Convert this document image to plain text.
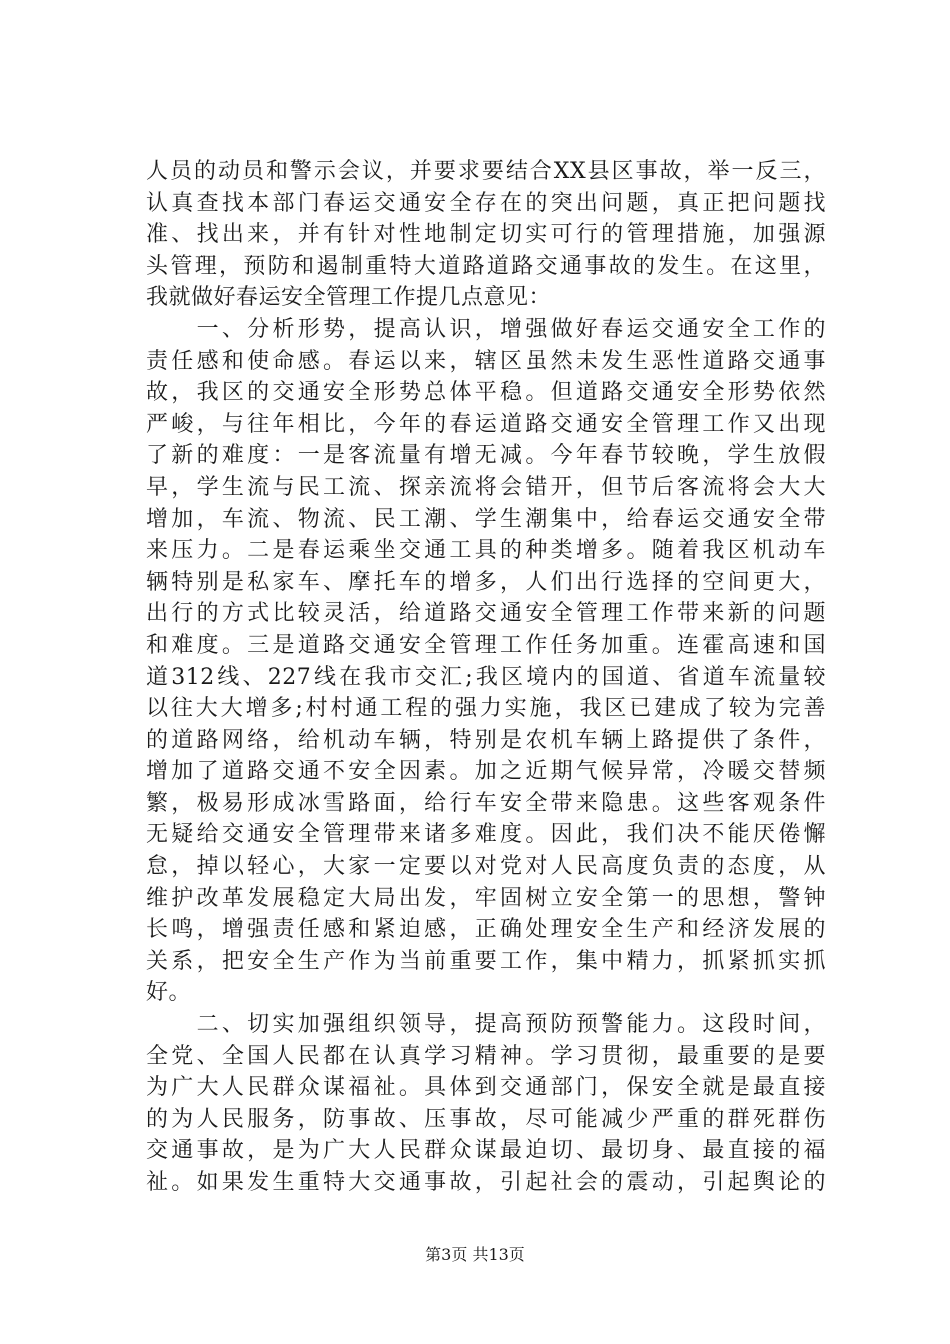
人员的动员和警示会议，并要求要结合XX县区事故，举一反三，
认真查找本部门春运交通安全存在的突出问题，真正把问题找
准、找出来，并有针对性地制定切实可行的管理措施，加强源
头管理，预防和遏制重特大道路道路交通事故的发生。在这里，
我就做好春运安全管理工作提几点意见：
　　一、分析形势，提高认识，增强做好春运交通安全工作的
责任感和使命感。春运以来，辖区虽然未发生恶性道路交通事
故，我区的交通安全形势总体平稳。但道路交通安全形势依然
严峻，与往年相比，今年的春运道路交通安全管理工作又出现
了新的难度：一是客流量有增无减。今年春节较晚，学生放假
早，学生流与民工流、探亲流将会错开，但节后客流将会大大
增加，车流、物流、民工潮、学生潮集中，给春运交通安全带
来压力。二是春运乘坐交通工具的种类增多。随着我区机动车
辆特别是私家车、摩托车的增多，人们出行选择的空间更大，
出行的方式比较灵活，给道路交通安全管理工作带来新的问题
和难度。三是道路交通安全管理工作任务加重。连霍高速和国
道312线、227线在我市交汇;我区境内的国道、省道车流量较
以往大大增多;村村通工程的强力实施，我区已建成了较为完善
的道路网络，给机动车辆，特别是农机车辆上路提供了条件，
增加了道路交通不安全因素。加之近期气候异常，冷暖交替频
繁，极易形成冰雪路面，给行车安全带来隐患。这些客观条件
无疑给交通安全管理带来诸多难度。因此，我们决不能厌倦懈
怠，掉以轻心，大家一定要以对党对人民高度负责的态度，从
维护改革发展稳定大局出发，牢固树立安全第一的思想，警钟
长鸣，增强责任感和紧迫感，正确处理安全生产和经济发展的
关系，把安全生产作为当前重要工作，集中精力，抓紧抓实抓
好。
　　二、切实加强组织领导，提高预防预警能力。这段时间，
全党、全国人民都在认真学习精神。学习贯彻，最重要的是要
为广大人民群众谋福祉。具体到交通部门，保安全就是最直接
的为人民服务，防事故、压事故，尽可能减少严重的群死群伤
交通事故，是为广大人民群众谋最迫切、最切身、最直接的福
祉。如果发生重特大交通事故，引起社会的震动，引起舆论的
第3页 共13页
